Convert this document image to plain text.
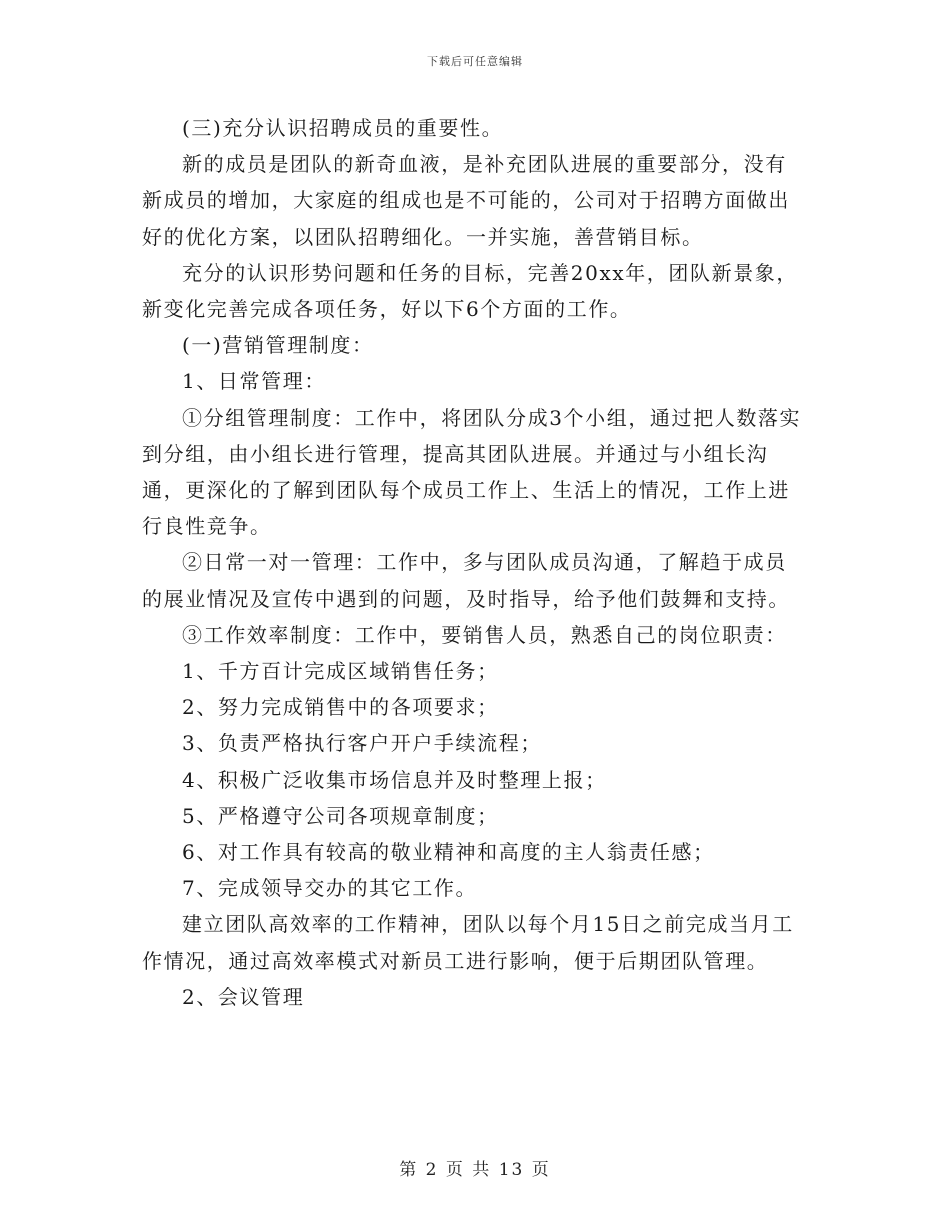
下载后可任意编辑

(三)充分认识招聘成员的重要性。

新的成员是团队的新奇血液，是补充团队进展的重要部分，没有新成员的增加，大家庭的组成也是不可能的，公司对于招聘方面做出好的优化方案，以团队招聘细化。一并实施，善营销目标。

充分的认识形势问题和任务的目标，完善20xx年，团队新景象，新变化完善完成各项任务，好以下6个方面的工作。

(一)营销管理制度：

1、日常管理：

①分组管理制度：工作中，将团队分成3个小组，通过把人数落实到分组，由小组长进行管理，提高其团队进展。并通过与小组长沟通，更深化的了解到团队每个成员工作上、生活上的情况，工作上进行良性竞争。

②日常一对一管理：工作中，多与团队成员沟通，了解趋于成员的展业情况及宣传中遇到的问题，及时指导，给予他们鼓舞和支持。

③工作效率制度：工作中，要销售人员，熟悉自己的岗位职责：

1、千方百计完成区域销售任务；

2、努力完成销售中的各项要求；

3、负责严格执行客户开户手续流程；

4、积极广泛收集市场信息并及时整理上报；

5、严格遵守公司各项规章制度；

6、对工作具有较高的敬业精神和高度的主人翁责任感；

7、完成领导交办的其它工作。

建立团队高效率的工作精神，团队以每个月15日之前完成当月工作情况，通过高效率模式对新员工进行影响，便于后期团队管理。

2、会议管理

第 2 页 共 13 页
